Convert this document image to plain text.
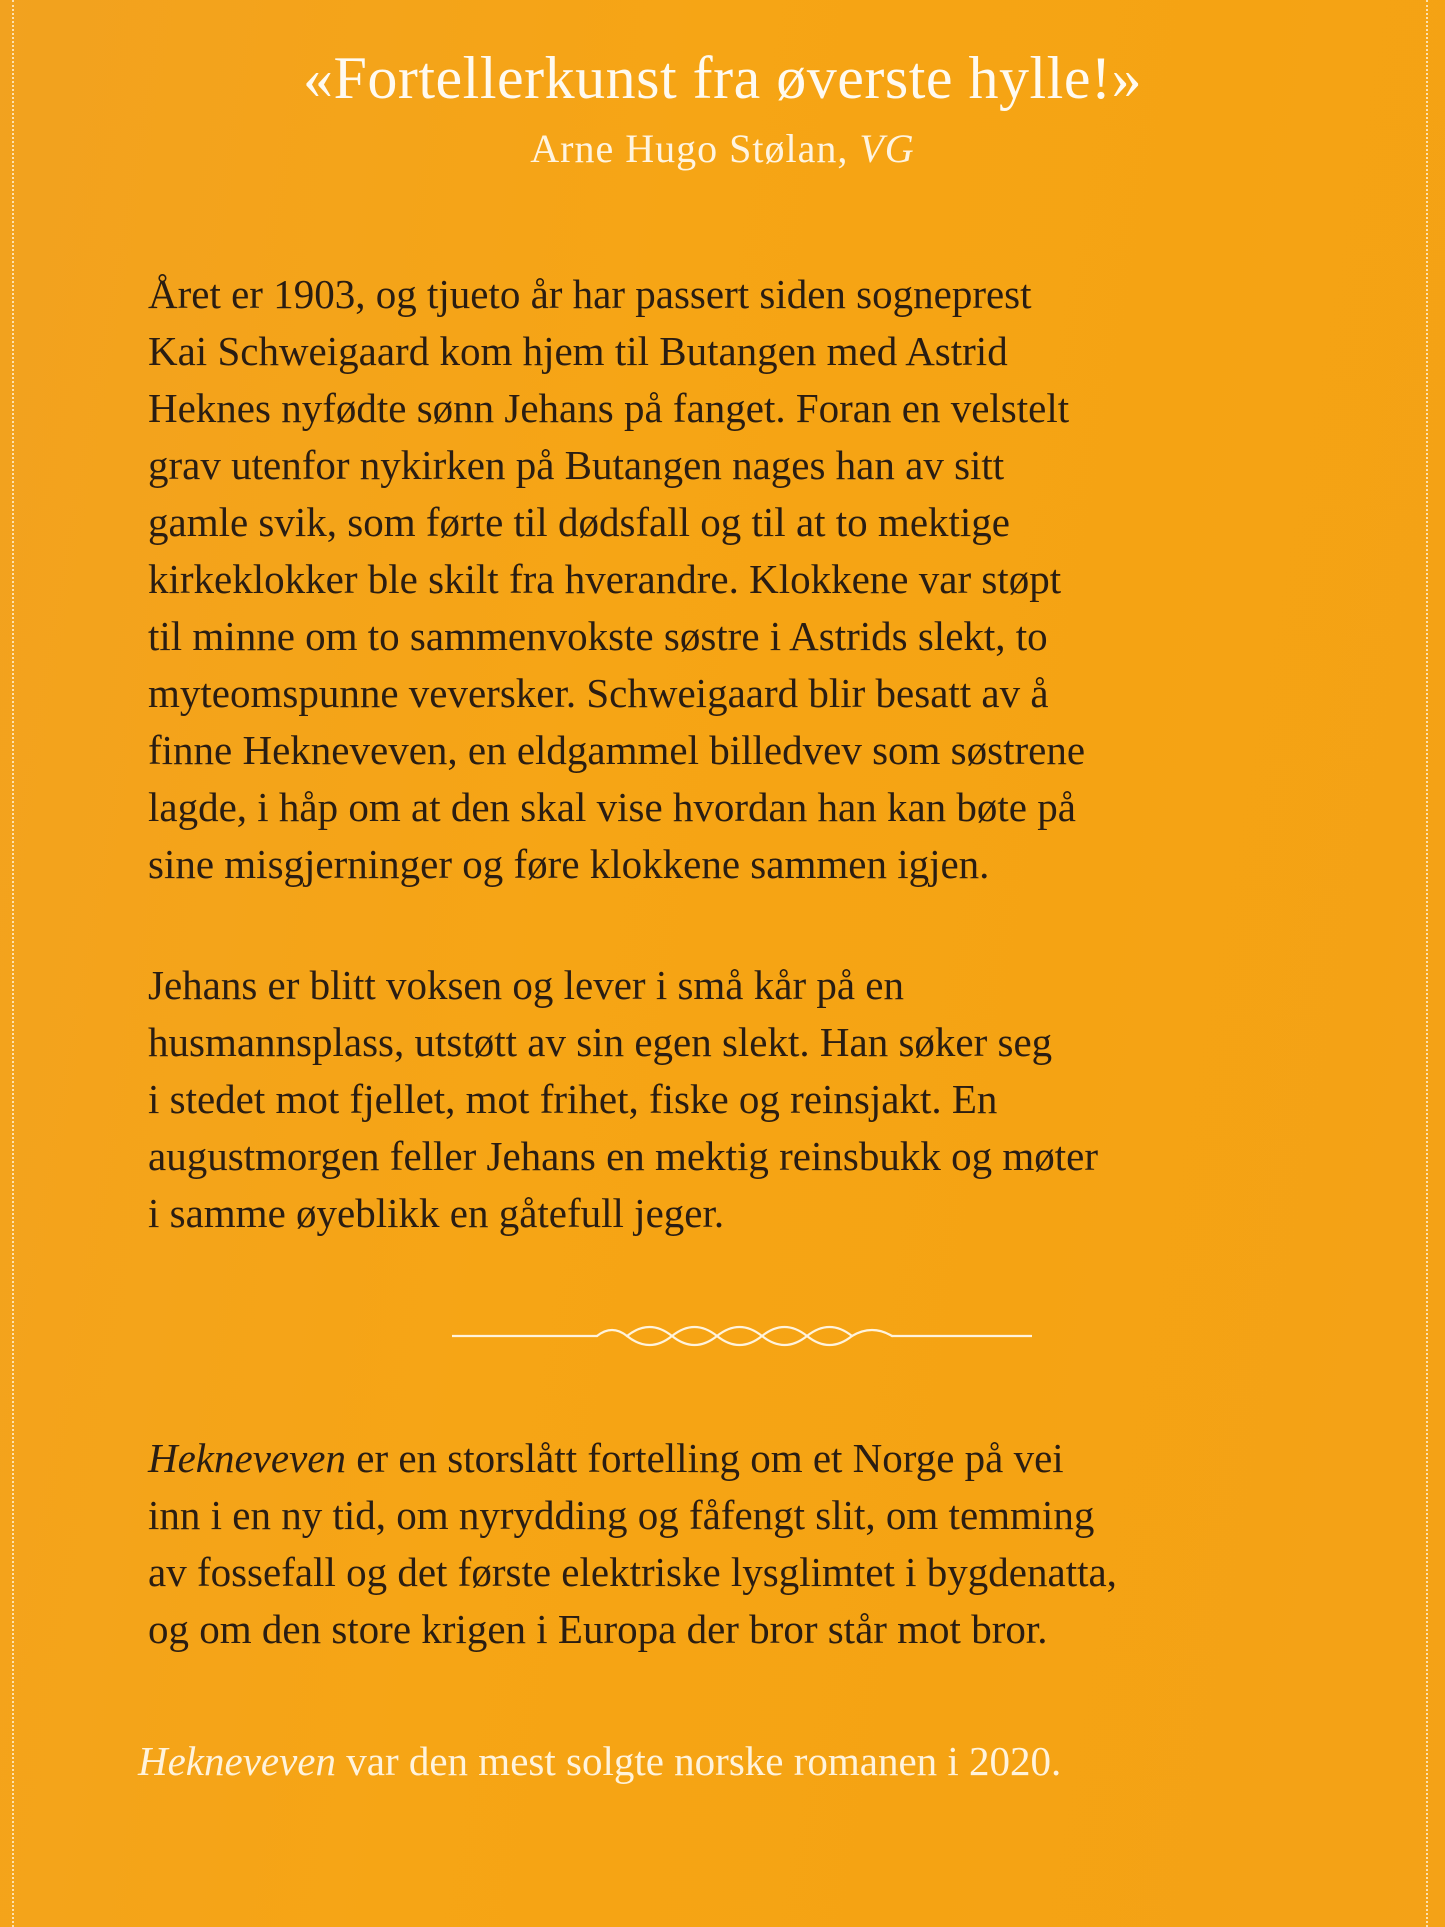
«Fortellerkunst fra øverste hylle!»
Arne Hugo Stølan, VG
Året er 1903, og tjueto år har passert siden sogneprest
Kai Schweigaard kom hjem til Butangen med Astrid
Heknes nyfødte sønn Jehans på fanget. Foran en velstelt
grav utenfor nykirken på Butangen nages han av sitt
gamle svik, som førte til dødsfall og til at to mektige
kirkeklokker ble skilt fra hverandre. Klokkene var støpt
til minne om to sammenvokste søstre i Astrids slekt, to
myteomspunne veversker. Schweigaard blir besatt av å
finne Hekneveven, en eldgammel billedvev som søstrene
lagde, i håp om at den skal vise hvordan han kan bøte på
sine misgjerninger og føre klokkene sammen igjen.
Jehans er blitt voksen og lever i små kår på en
husmannsplass, utstøtt av sin egen slekt. Han søker seg
i stedet mot fjellet, mot frihet, fiske og reinsjakt. En
augustmorgen feller Jehans en mektig reinsbukk og møter
i samme øyeblikk en gåtefull jeger.
Hekneveven er en storslått fortelling om et Norge på vei
inn i en ny tid, om nyrydding og fåfengt slit, om temming
av fossefall og det første elektriske lysglimtet i bygdenatta,
og om den store krigen i Europa der bror står mot bror.
Hekneveven var den mest solgte norske romanen i 2020.
